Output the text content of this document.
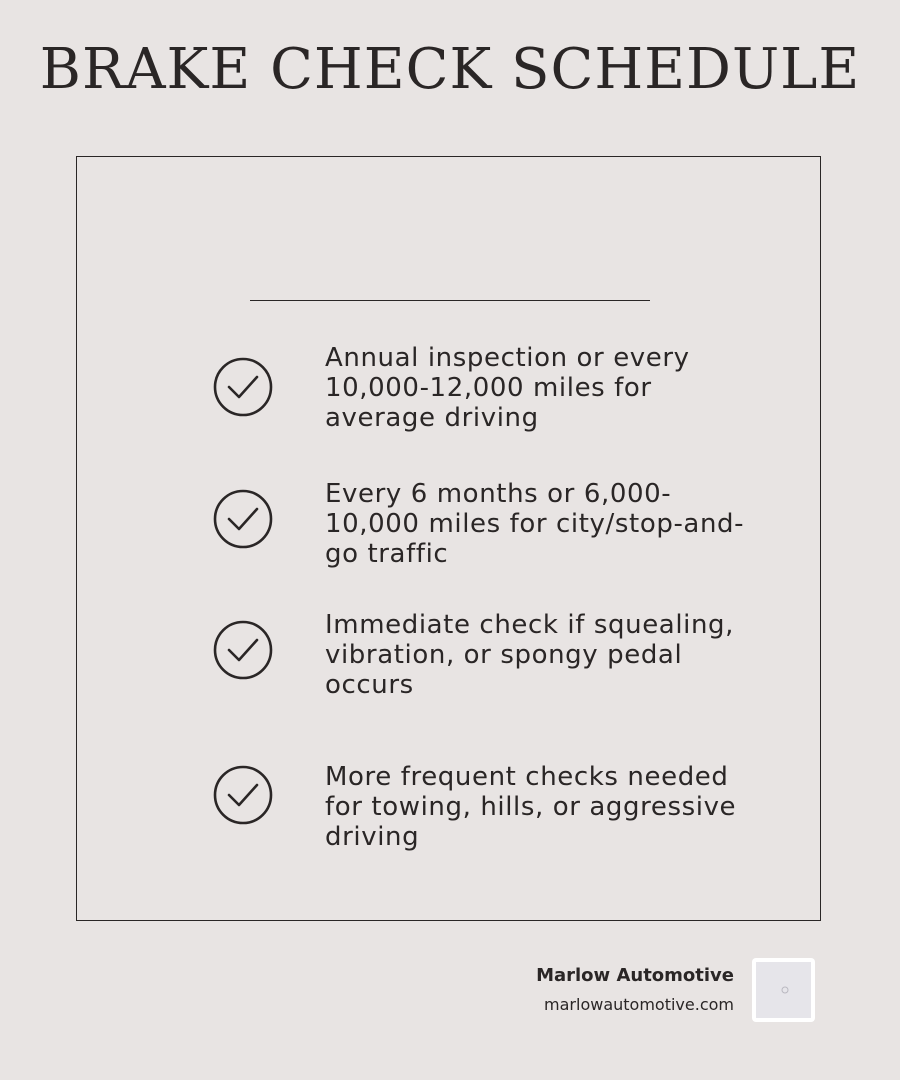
BRAKE CHECK SCHEDULE
Annual inspection or every 10,000-12,000 miles for average driving
Every 6 months or 6,000-10,000 miles for city/stop-and-go traffic
Immediate check if squealing, vibration, or spongy pedal occurs
More frequent checks needed for towing, hills, or aggressive driving
Marlow Automotive
marlowautomotive.com
